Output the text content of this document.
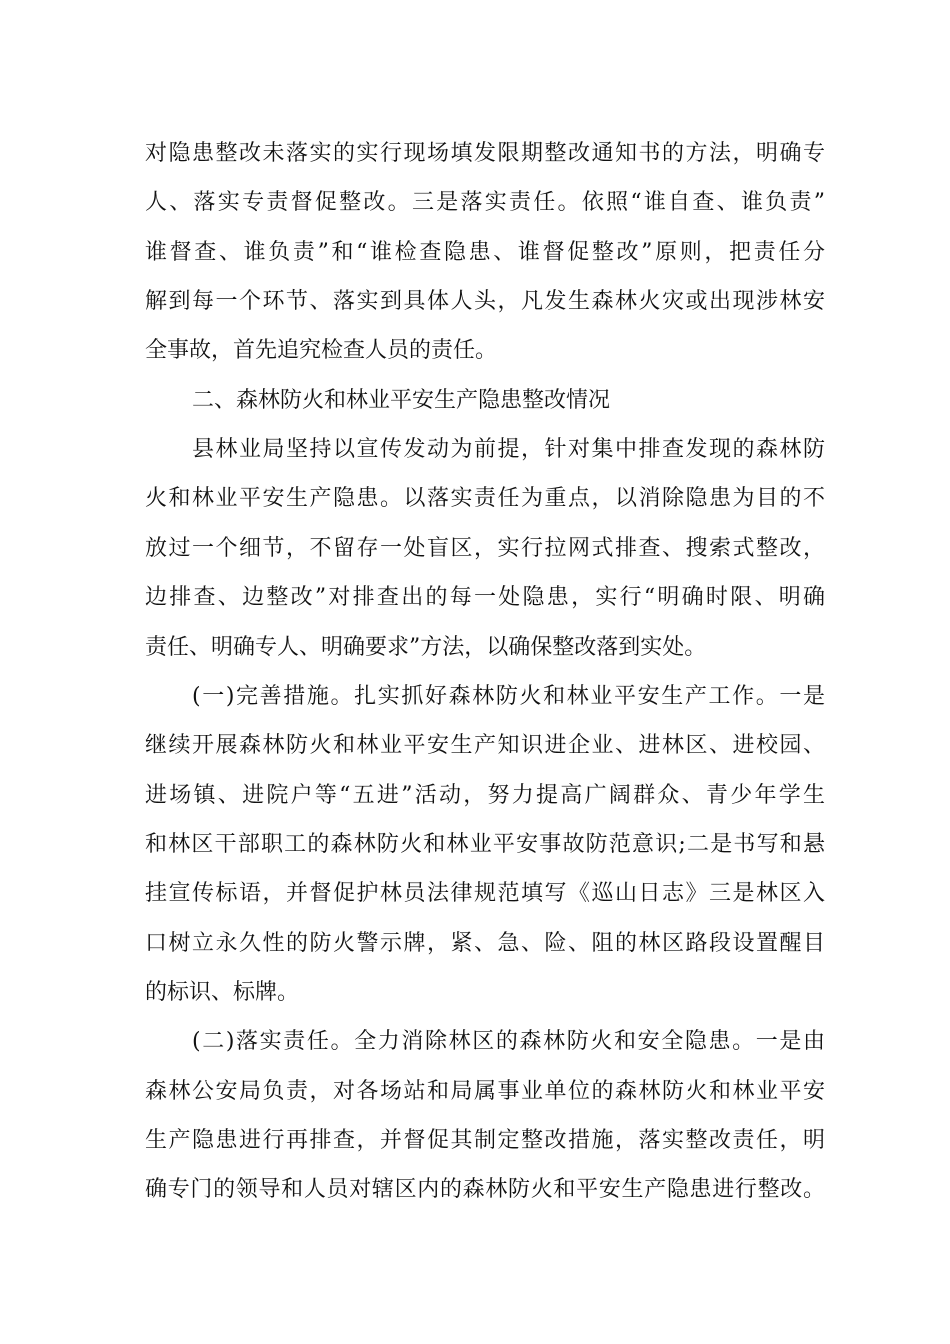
对隐患整改未落实的实行现场填发限期整改通知书的方法，明确专
人、落实专责督促整改。三是落实责任。依照“谁自查、谁负责”
谁督查、谁负责”和“谁检查隐患、谁督促整改”原则，把责任分
解到每一个环节、落实到具体人头，凡发生森林火灾或出现涉林安
全事故，首先追究检查人员的责任。
二、森林防火和林业平安生产隐患整改情况
县林业局坚持以宣传发动为前提，针对集中排查发现的森林防
火和林业平安生产隐患。以落实责任为重点，以消除隐患为目的不
放过一个细节，不留存一处盲区，实行拉网式排查、搜索式整改，
边排查、边整改”对排查出的每一处隐患，实行“明确时限、明确
责任、明确专人、明确要求”方法，以确保整改落到实处。
(一)完善措施。扎实抓好森林防火和林业平安生产工作。一是
继续开展森林防火和林业平安生产知识进企业、进林区、进校园、
进场镇、进院户等“五进”活动，努力提高广阔群众、青少年学生
和林区干部职工的森林防火和林业平安事故防范意识;二是书写和悬
挂宣传标语，并督促护林员法律规范填写《巡山日志》三是林区入
口树立永久性的防火警示牌，紧、急、险、阻的林区路段设置醒目
的标识、标牌。
(二)落实责任。全力消除林区的森林防火和安全隐患。一是由
森林公安局负责，对各场站和局属事业单位的森林防火和林业平安
生产隐患进行再排查，并督促其制定整改措施，落实整改责任，明
确专门的领导和人员对辖区内的森林防火和平安生产隐患进行整改。
